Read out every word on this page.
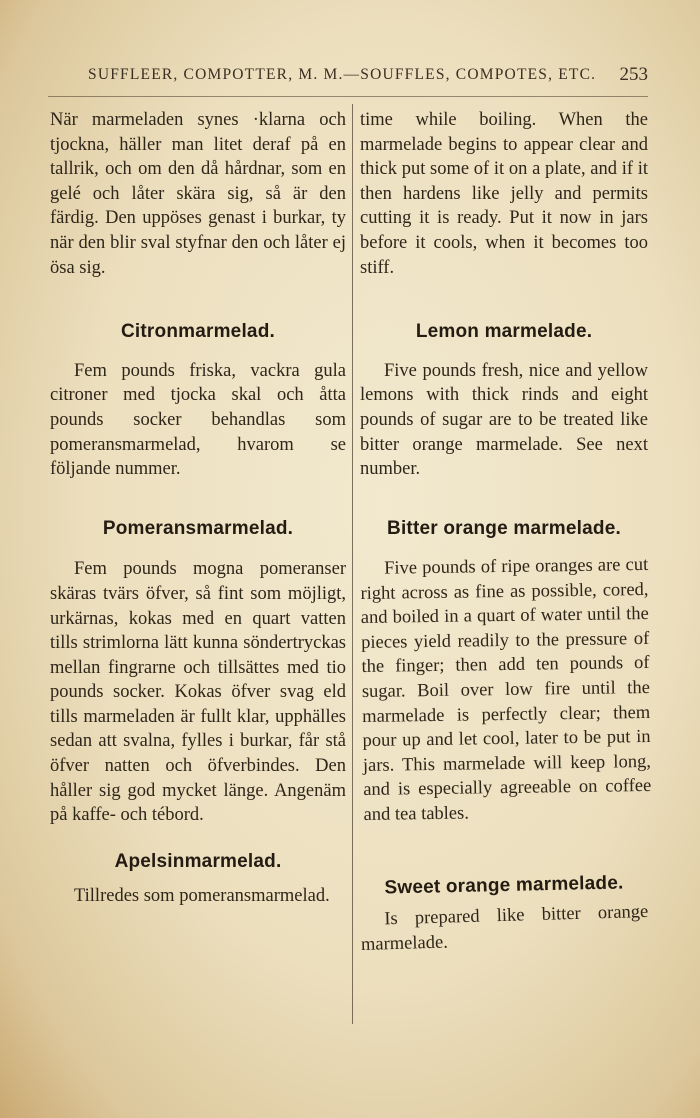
SUFFLEER, COMPOTTER, M. M.—SOUFFLES, COMPOTES, ETC. 253

När marmeladen synes ·klarna och tjockna, häller man litet deraf på en tallrik, och om den då hårdnar, som en gelé och låter skära sig, så är den färdig. Den uppöses genast i burkar, ty när den blir sval styfnar den och låter ej ösa sig.

Citronmarmelad.

Fem pounds friska, vackra gula citroner med tjocka skal och åtta pounds socker behandlas som pomeransmarmelad, hvarom se följande nummer.

Pomeransmarmelad.

Fem pounds mogna pomeranser skäras tvärs öfver, så fint som möjligt, urkärnas, kokas med en quart vatten tills strimlorna lätt kunna söndertryckas mellan fingrarne och tillsättes med tio pounds socker. Kokas öfver svag eld tills marmeladen är fullt klar, upphälles sedan att svalna, fylles i burkar, får stå öfver natten och öfverbindes. Den håller sig god mycket länge. Angenäm på kaffe- och tébord.

Apelsinmarmelad.

Tillredes som pomeransmarmelad.

time while boiling. When the marmelade begins to appear clear and thick put some of it on a plate, and if it then hardens like jelly and permits cutting it is ready. Put it now in jars before it cools, when it becomes too stiff.

Lemon marmelade.

Five pounds fresh, nice and yellow lemons with thick rinds and eight pounds of sugar are to be treated like bitter orange marmelade. See next number.

Bitter orange marmelade.

Five pounds of ripe oranges are cut right across as fine as possible, cored, and boiled in a quart of water until the pieces yield readily to the pressure of the finger; then add ten pounds of sugar. Boil over low fire until the marmelade is perfectly clear; them pour up and let cool, later to be put in jars. This marmelade will keep long, and is especially agreeable on coffee and tea tables.

Sweet orange marmelade.

Is prepared like bitter orange marmelade.
